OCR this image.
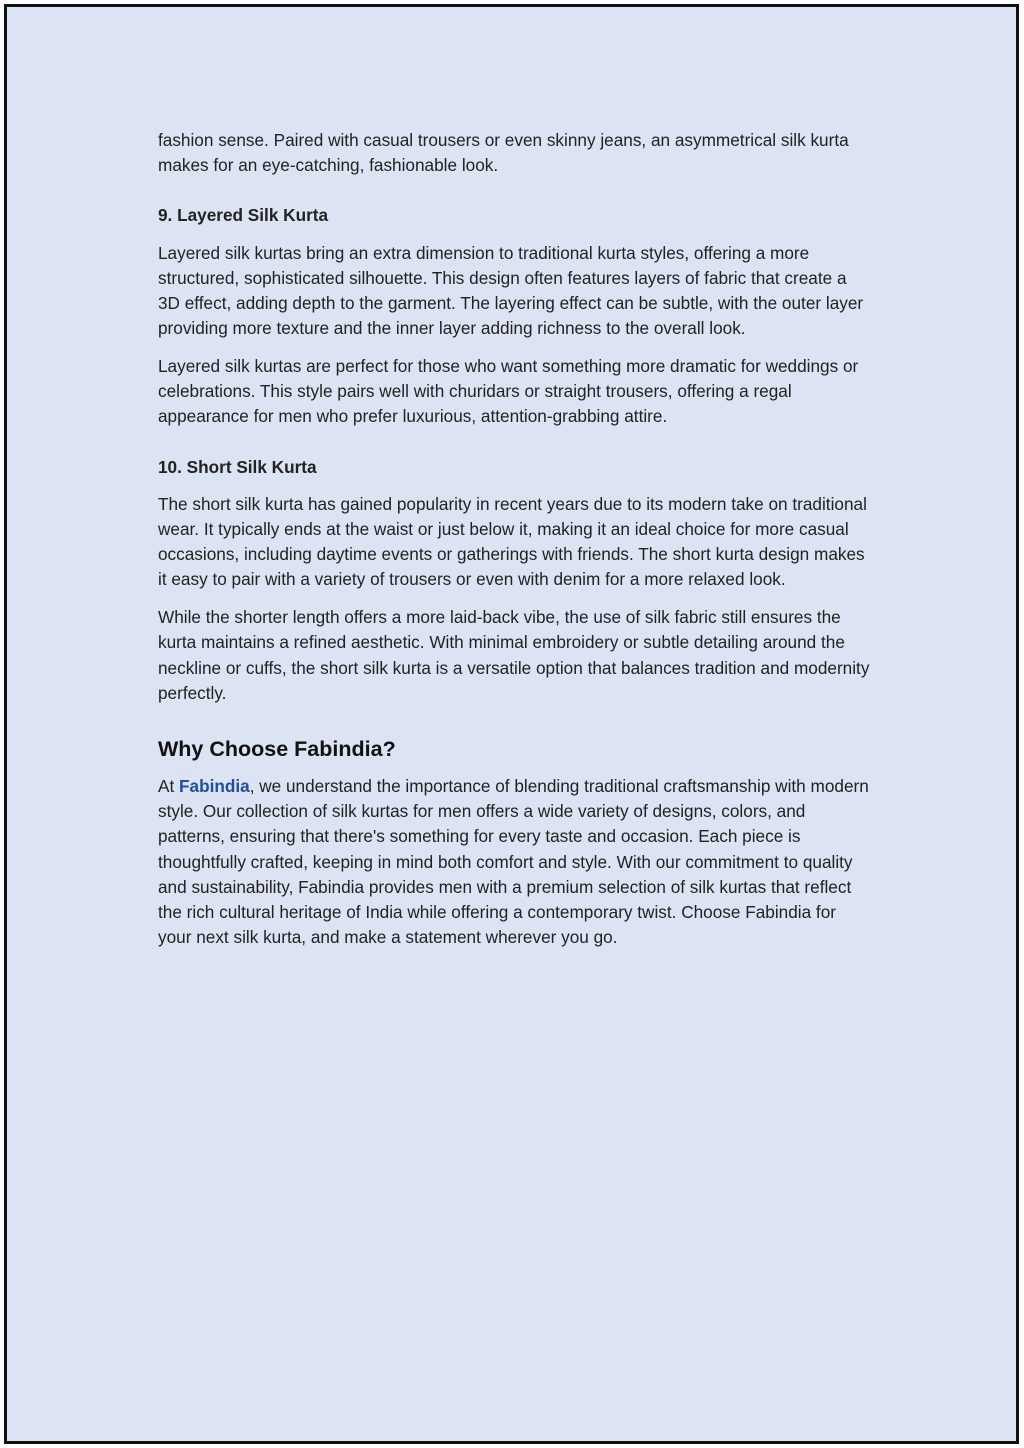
fashion sense. Paired with casual trousers or even skinny jeans, an asymmetrical silk kurta makes for an eye-catching, fashionable look.

9. Layered Silk Kurta

Layered silk kurtas bring an extra dimension to traditional kurta styles, offering a more structured, sophisticated silhouette. This design often features layers of fabric that create a 3D effect, adding depth to the garment. The layering effect can be subtle, with the outer layer providing more texture and the inner layer adding richness to the overall look.

Layered silk kurtas are perfect for those who want something more dramatic for weddings or celebrations. This style pairs well with churidars or straight trousers, offering a regal appearance for men who prefer luxurious, attention-grabbing attire.

10. Short Silk Kurta

The short silk kurta has gained popularity in recent years due to its modern take on traditional wear. It typically ends at the waist or just below it, making it an ideal choice for more casual occasions, including daytime events or gatherings with friends. The short kurta design makes it easy to pair with a variety of trousers or even with denim for a more relaxed look.

While the shorter length offers a more laid-back vibe, the use of silk fabric still ensures the kurta maintains a refined aesthetic. With minimal embroidery or subtle detailing around the neckline or cuffs, the short silk kurta is a versatile option that balances tradition and modernity perfectly.

Why Choose Fabindia?

At Fabindia, we understand the importance of blending traditional craftsmanship with modern style. Our collection of silk kurtas for men offers a wide variety of designs, colors, and patterns, ensuring that there's something for every taste and occasion. Each piece is thoughtfully crafted, keeping in mind both comfort and style. With our commitment to quality and sustainability, Fabindia provides men with a premium selection of silk kurtas that reflect the rich cultural heritage of India while offering a contemporary twist. Choose Fabindia for your next silk kurta, and make a statement wherever you go.
